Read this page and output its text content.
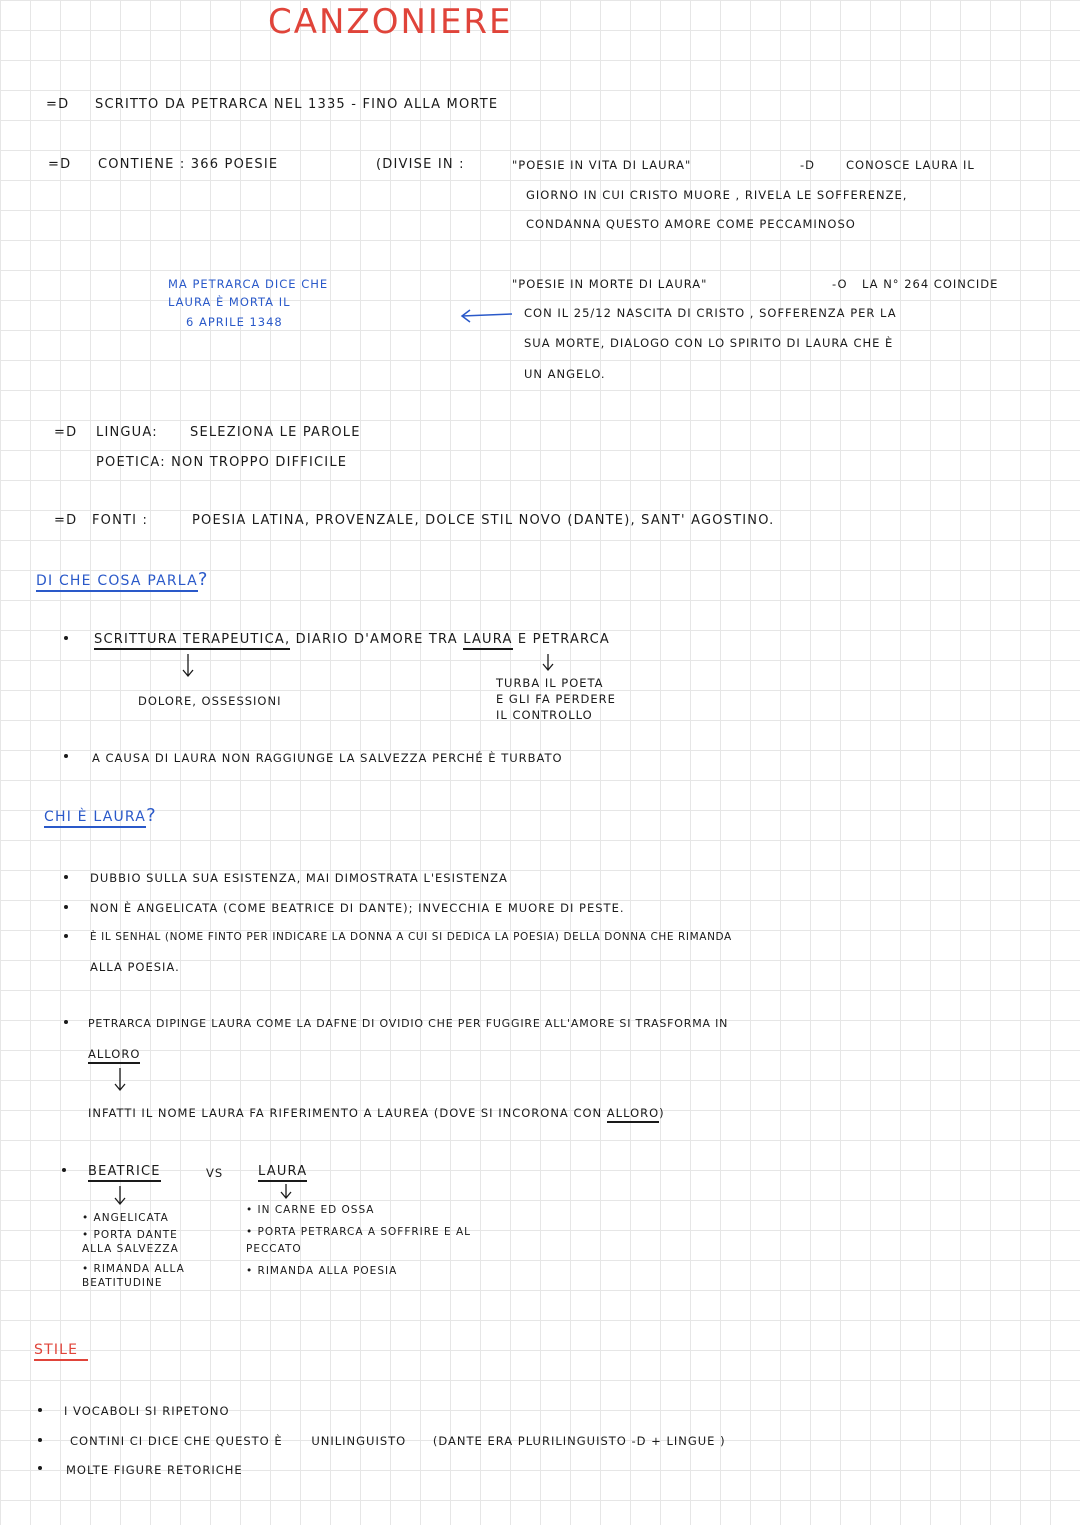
CANZONIERE
=D SCRITTO DA PETRARCA NEL 1335 - FINO ALLA MORTE
=D CONTIENE : 366 POESIE	(DIVISE IN :	"POESIE IN VITA DI LAURA"	-D	CONOSCE LAURA IL
GIORNO IN CUI CRISTO MUORE , RIVELA LE SOFFERENZE,
CONDANNA QUESTO AMORE COME PECCAMINOSO
MA PETRARCA DICE CHE
LAURA È MORTA IL
6 APRILE 1348
"POESIE IN MORTE DI LAURA"	-O LA N° 264 COINCIDE
CON IL 25/12 NASCITA DI CRISTO , SOFFERENZA PER LA
SUA MORTE, DIALOGO CON LO SPIRITO DI LAURA CHE È
UN ANGELO.
=D LINGUA: SELEZIONA LE PAROLE
POETICA: NON TROPPO DIFFICILE
=D FONTI :	POESIA LATINA, PROVENZALE, DOLCE STIL NOVO (DANTE), SANT' AGOSTINO.
DI CHE COSA PARLA?
SCRITTURA TERAPEUTICA, DIARIO D'AMORE TRA LAURA E PETRARCA
DOLORE, OSSESSIONI
TURBA IL POETA
E GLI FA PERDERE
IL CONTROLLO
A CAUSA DI LAURA NON RAGGIUNGE LA SALVEZZA PERCHÉ È TURBATO
CHI È LAURA?
DUBBIO SULLA SUA ESISTENZA, MAI DIMOSTRATA L'ESISTENZA
NON È ANGELICATA (COME BEATRICE DI DANTE); INVECCHIA E MUORE DI PESTE.
È IL SENHAL (NOME FINTO PER INDICARE LA DONNA A CUI SI DEDICA LA POESIA) DELLA DONNA CHE RIMANDA
ALLA POESIA.
PETRARCA DIPINGE LAURA COME LA DAFNE DI OVIDIO CHE PER FUGGIRE ALL'AMORE SI TRASFORMA IN
ALLORO
INFATTI IL NOME LAURA FA RIFERIMENTO A LAUREA (DOVE SI INCORONA CON ALLORO)
BEATRICE	VS	LAURA
• ANGELICATA
• PORTA DANTE ALLA SALVEZZA
• RIMANDA ALLA BEATITUDINE
• IN CARNE ED OSSA
• PORTA PETRARCA A SOFFRIRE E AL PECCATO
• RIMANDA ALLA POESIA
STILE
I VOCABOLI SI RIPETONO
CONTINI CI DICE CHE QUESTO È UNILINGUISTO (DANTE ERA PLURILINGUISTO -D + LINGUE )
MOLTE FIGURE RETORICHE
